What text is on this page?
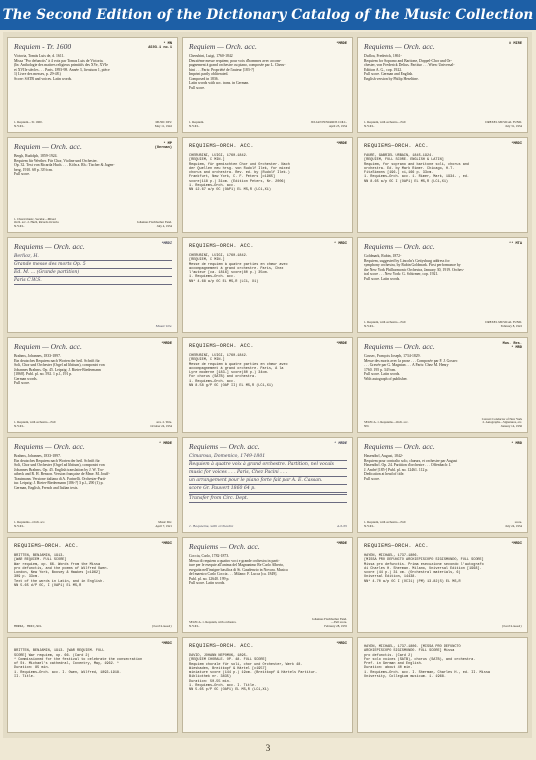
The Second Edition of the Dictionary Catalog of the Music Collection
Requiem - Tr. 1600	* MN
A593.1 no.1
Victoria, Tomás Luis de, d. 1611.
Missa "Pro defunctis" à 4 voix par Tomas Luis de Victoria.
(In: Anthologie des maitres religieux primitifs des XVe, XVIe
et XVIIe siècles . . . Paris. 1893-98. Année 3, livraison 1, pièce
1) Livre des messes, p. 29-48.)
Score: SATB and voices. Latin words.
1. Requiem—Tr. 1600.
N.Y.P.L.
MUSIC DIV.
May 11, 1942
Requiem — Orch. acc.	*MRDE
Cherubini, Luigi, 1760-1842
Deuxième messe requiem; pour voix d'hommes avec accom-
pagnement à grand orchestre ou piano, composée par L. Cheru-
bini . . . Paris: Propriété de l'auteur [183-?]
Imprint partly obliterated.
Composed in 1836.
Latin words with acc. trans. in German.
Full score.
1. Requiem.
N.Y.P.L.
JULIAN EDWARDS COLL.
April 25, 1934
Requiems — Orch. acc.	# MIRE
Dufloa, Frederick, 1861-
Requiem for Soprano and Baritone, Doppel-Chor und Or-
chester, von Frederick Delius. Partitur . . . Wien: Universal-
Edition A. G., cop. 1922.
Full score. German and English.
English version by Philip Heseltine.
1. Requiem, with orchestra—Full
N.Y.P.L.
DREXEL MUSICAL FUND.
July 31, 1934
Requiem — Orch. acc.	* MP
(German)
Bergh, Rudolph, 1859-1924.
Requiem für Werther. Für Chor, Violine und Orchester.
Op. 32. Text von Ricarda Huch. . . . Köln a. Rh.: Tischer & Jagen-
berg, 1910. 68 p. 33½cm.
Full score.
1. Choral music, Secular—Mixed
Orch. acc. 2. Huch, Ricarda Octavia
N.Y.P.L.
Johannes Fischbacher Fund.
July 4, 1934
REQUIEMS—ORCH. ACC.	*MRDE
CHERUBINI, LUIGI, 1760-1842.
[REQUIEM, C MIN.]
Requiem, für gemischten Chor und Orchester. Nach
der Quellen neu hrsg. von Rudolf Ilek, for mixed
chorus and orchestra. Rev. ed. by (Rudolf Ilek.)
Frankfurt, New York, C. F. Peters [c1965]
score(118 p.) 31cm. (Edition Peters, Nr. 2006)
1. Requiems—Orch. acc.
NN 12.67 a/p OC (OAP1) EL MS,R (LC1,X1)
REQUIEMS—ORCH. ACC.	*MRDI
FAURÉ, GABRIEL URBAIN, 1845-1924.
[REQUIEM, FULL SCORE. ENGLISH & LATIN]
Requiem, for soprano and baritone soli, chorus and
orchestra. Ed. by Mark Rimer. Chicago, H.T.
FitzSimons [196-] xi,166 p. 33cm.
1. Requiems—Orch. acc. 1. Rimer, Mark, 1934- , ed.
NN 8.65 a/p OC I (OAP1) EL MS,R (LC1,X1)
Requiems — Orch. acc.	*MRDI
Berlioz, H.
Grande messe des morts Op. 5
Ed. M. ... (Grande partition)
Paris C.W.S.
Music Div.
REQUIEMS—ORCH. ACC.	* MRDI
CHERUBINI, LUIGI, 1760-1842.
[REQUIEM, C MIN.]
Messe de requiem à quatre parties en chœur avec
accompagnement à grand orchestre. Paris, Chez
l'auteur [ca. 1816] score(80 p.) 35cm.
1. Requiems—Orch. acc.
NN* 4.68 a/p OC EL MS,R (LC1, X1)
Requiems — Orch. acc.	** MTA
Goldmark, Rubin, 1872-
Requiem, suggested by Lincoln's Gettysburg address for
symphony orchestra, by Rubin Goldmark. First performance by
the New York Philharmonic Orchestra, January 30, 1919. Orches-
tral score . . . New York: G. Schirmer, cop. 1921.
Full score. Latin words.
1. Requiem, with orchestra—Full
N.Y.P.L.
DREXEL MUSICAL FUND.
February 8, 1922
Requiem — Orch. acc.	*MRDE
Brahms, Johannes, 1833-1897.
Ein deutsches Requiem nach Worten der heil. Schrift für
Soli, Chor und Orchester (Orgel ad libitum), componirt von
Johannes Brahms. Op. 45. Leipzig: J. Rieter-Biedermann
[1868]. Publ. pl. no. 592. 1 p.l., 191 p.
German words.
Full score.
1. Requiem, with orchestra—Full
N.Y.P.L.
arrs. 2. Title.
October 24, 1934
REQUIEMS—ORCH. ACC.	*MRDE
CHERUBINI, LUIGI, 1760-1842.
[REQUIEM, C MIN.]
Messe de requiem à quatre parties en chœur avec
accompagnement à grand orchestre. Paris, A la
Lyre moderne [183-] score(80 p.) 34cm.
For chorus (SATB) and orchestra.
1. Requiems—Orch. acc.
NN 8.58 g/P OC (OAP II) EL MS,R (LC1,X1)
Requiems — Orch. acc.	Mus. Res.
* MRD
Gossec, François Joseph, 1734-1829.
Messe des morts avec la prose . . . Composée par F. J. Gossec
. . . Gravée par G. Magnian . . . A Paris: Chez M. Henry
1760. 195 p. 34½cm.
Full score. Latin words.
With autograph of publisher.
SELECA. 1. Requiems—Orch. acc.
NN.
Concert Conductor of New York
2. Autographs—Signatures, etc.
January 14, 1936
Requiems — Orch. acc.	* MRDE
Brahms, Johannes, 1833-1897.
Ein deutsches Requiem nach Worten der heil. Schrift für
Soli, Chor und Orchester (Orgel ad libitum), componirt von
Johannes Brahms. Op. 45. English translation by J. W. Tro-
utbeck and R. H. Benson. Version française de Mme. M. Jouff-
Trautmann. Versione italiana di A. Farinelli. Orchester-Parti-
tur. Leipzig: J. Rieter-Biedermann [186-?] 3 p.l., 290 (1) p.
German, English, French and Italian texts.
1. Requiems—Orch. acc.
N.Y.P.L.
Music Div.
April 7, 1921
Requiems — Orch. acc.	* MRDE
Cimarosa, Domenico, 1749-1801
Requiem à quatre voix à grand orchestre. Partition, nel vocals
music for voices . . . Paris, Chez Pacini . . .
un arrangement pour le piano forte fait par A. E. Cassan.
score Gr. Pauvert 1860 64 p.
Transfer from Circ. Dept.
1. Requiems, with orchestra	4-3-35
Requiems — Orch. acc.	* MRD
Hasenöhrl, August, 1842-
Requiem pour contralto solo, chœurs, et orchestre par August
Hasenöhrl. Op. 24. Partition d'orchestre . . . Offenbach: J.
J. André [185-] Publ. pl. no. 12461. 112 p.
Dedication at head of title.
Full score.
1. Requiem, with orchestra—Full
N.Y.P.L.
score.
July 24, 1934
REQUIEMS—ORCH. ACC.	*MRDI
BRITTEN, BENJAMIN, 1913-
[WAR REQUIEM. FULL SCORE]
War requiem, op. 66. Words from the Missa
pro defunctis, and the poems of Wilfred Owen.
London, New York, Boosey & Hawkes [c1962]
309 p. 33cm.
Text of the words in Latin, and in English.
NN 5.65 d/P OC, I (OAP1) EL MS,R
MORIA, MDIC,SCL	(Continued)
Requiems — Orch. acc.	*MRDE
Coccia, Carlo, 1782-1873.
Messa di requiem a quattro voci e grande orchestra in parti-
ture per le esequie all'anima del Magnanimo Re Carlo Alberto,
eseguita nell'insigne basilica di St. Gaudenzio in Novara. Musica
del maestro Carlo Coccia . . . Milano: F. Lucca [ca. 1849].
Publ. pl. no. 12640. 199 p.
Full score. Latin words.
SELECA. 1. Requiem, with orchestra.
N.Y.P.L.
Johannes Fischbacher Fund.
—Full score.
February 28, 1935
REQUIEMS—ORCH. ACC.	*MRDI
HAYDN, MICHAEL, 1737-1806.
[MISSA PRO DEFUNCTO ARCHIEPISCOPO SIGISMUNDO, FULL SCORE]
Missa pro defunctis. Prima esecuzione secondo l'autografo
di Charles H. Sherman. Milano, Universal Edition [1968].
score (44 p.) 31 cm. (Orchestral materials, 6)
Universal Edition, 14438.
NN* 4.70 a/p OC I (OCI1) (PM) 13.82(S) EL MS,R
(Continued)
*MRDI
BRITTEN, BENJAMIN, 1913- [WAR REQUIEM. FULL
SCORE] War requiem, op. 66. (Card 2)
* Commissioned for the festival to celebrate the consecration
of St. Michael's cathedral, Coventry, May, 1962. *
Duration: 85 min.
1. Requiems—Orch. acc. I. Owen, Wilfred, 1893-1918.
II. Title.
REQUIEMS—ORCH. ACC.	*MRDI
DAVID, JOHANN NEPOMUK, 1895-
[REQUIEM CHORALE. OP. 48. FULL SCORE]
Requiem chorale für soli, chor und Orchester, Werk 48.
Wiesbaden, Breitkopf & Härtel [c1957]
miniature score (144 p.) 19cm. (Breitkopf & Härtels Partitur-
Bibliothek nr. 3835)
Duration: 50-55 min.
1. Requiems—Orch. acc. I. Title.
NN 5.65 p/P OC (OAP1) EL MS,R (LC1,X1)
HAYDN, MICHAEL, 1737-1806. [MISSA PRO DEFUNCTO
ARCHIEPISCOPO SIGISMUNDO. FULL SCORE] Missa
pro defunctis. (Card 2)
For solo voices (SATB), chorus (SATB), and orchestra.
Pref. in German and English.
Duration: about 40 min.
1. Requiems—Orch. acc. I. Sherman, Charles H., ed. II. Missa
University, Collegium musicum. 1. 1968.
3
